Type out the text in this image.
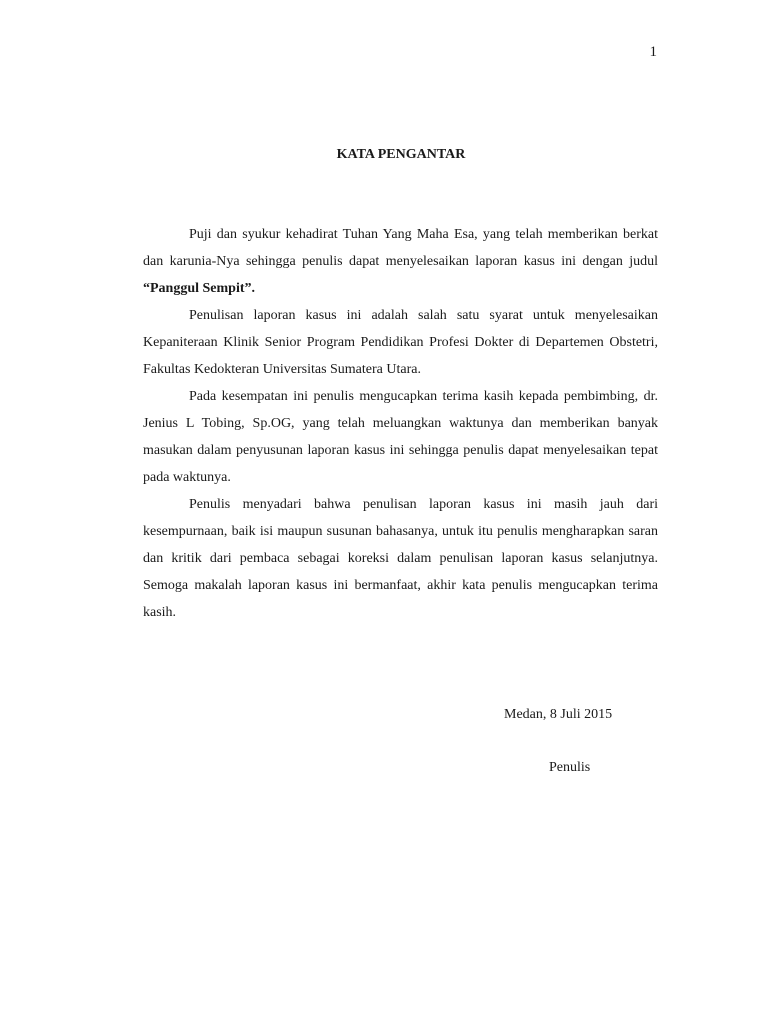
1
KATA PENGANTAR

Puji dan syukur kehadirat Tuhan Yang Maha Esa, yang telah memberikan berkat dan karunia-Nya sehingga penulis dapat menyelesaikan laporan kasus ini dengan judul “Panggul Sempit”.

Penulisan laporan kasus ini adalah salah satu syarat untuk menyelesaikan Kepaniteraan Klinik Senior Program Pendidikan Profesi Dokter di Departemen Obstetri, Fakultas Kedokteran Universitas Sumatera Utara.

Pada kesempatan ini penulis mengucapkan terima kasih kepada pembimbing, dr. Jenius L Tobing, Sp.OG, yang telah meluangkan waktunya dan memberikan banyak masukan dalam penyusunan laporan kasus ini sehingga penulis dapat menyelesaikan tepat pada waktunya.

Penulis menyadari bahwa penulisan laporan kasus ini masih jauh dari kesempurnaan, baik isi maupun susunan bahasanya, untuk itu penulis mengharapkan saran dan kritik dari pembaca sebagai koreksi dalam penulisan laporan kasus selanjutnya. Semoga makalah laporan kasus ini bermanfaat, akhir kata penulis mengucapkan terima kasih.

Medan, 8 Juli 2015
Penulis
